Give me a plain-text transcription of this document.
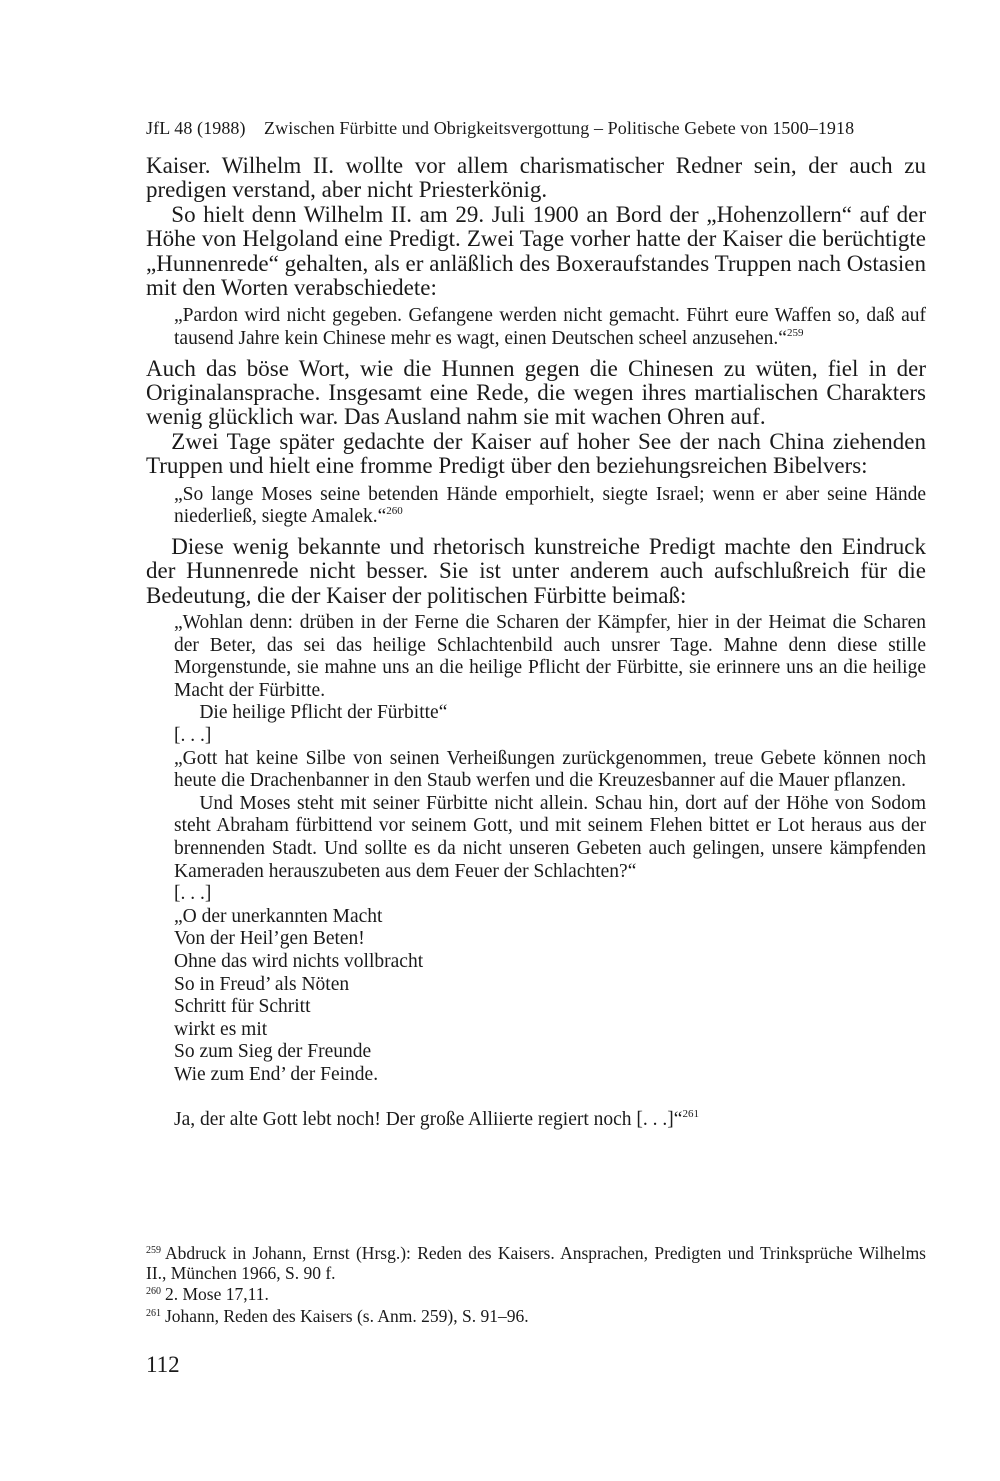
JfL 48 (1988) Zwischen Fürbitte und Obrigkeitsvergottung – Politische Gebete von 1500–1918

Kaiser. Wilhelm II. wollte vor allem charismatischer Redner sein, der auch zu predigen verstand, aber nicht Priesterkönig.

So hielt denn Wilhelm II. am 29. Juli 1900 an Bord der „Hohenzollern“ auf der Höhe von Helgoland eine Predigt. Zwei Tage vorher hatte der Kaiser die berüchtigte „Hunnenrede“ gehalten, als er anläßlich des Boxeraufstandes Truppen nach Ostasien mit den Worten verabschiedete:

„Pardon wird nicht gegeben. Gefangene werden nicht gemacht. Führt eure Waffen so, daß auf tausend Jahre kein Chinese mehr es wagt, einen Deutschen scheel anzusehen.“$^{259}$

Auch das böse Wort, wie die Hunnen gegen die Chinesen zu wüten, fiel in der Originalansprache. Insgesamt eine Rede, die wegen ihres martialischen Charakters wenig glücklich war. Das Ausland nahm sie mit wachen Ohren auf.

Zwei Tage später gedachte der Kaiser auf hoher See der nach China ziehenden Truppen und hielt eine fromme Predigt über den beziehungsreichen Bibelvers:

„So lange Moses seine betenden Hände emporhielt, siegte Israel; wenn er aber seine Hände niederließ, siegte Amalek.“$^{260}$

Diese wenig bekannte und rhetorisch kunstreiche Predigt machte den Eindruck der Hunnenrede nicht besser. Sie ist unter anderem auch aufschlußreich für die Bedeutung, die der Kaiser der politischen Fürbitte beimaß:

„Wohlan denn: drüben in der Ferne die Scharen der Kämpfer, hier in der Heimat die Scharen der Beter, das sei das heilige Schlachtenbild auch unsrer Tage. Mahne denn diese stille Morgenstunde, sie mahne uns an die heilige Pflicht der Fürbitte, sie erinnere uns an die heilige Macht der Fürbitte.

Die heilige Pflicht der Fürbitte“

[. . .]

„Gott hat keine Silbe von seinen Verheißungen zurückgenommen, treue Gebete können noch heute die Drachenbanner in den Staub werfen und die Kreuzesbanner auf die Mauer pflanzen.

Und Moses steht mit seiner Fürbitte nicht allein. Schau hin, dort auf der Höhe von Sodom steht Abraham fürbittend vor seinem Gott, und mit seinem Flehen bittet er Lot heraus aus der brennenden Stadt. Und sollte es da nicht unseren Gebeten auch gelingen, unsere kämpfenden Kameraden herauszubeten aus dem Feuer der Schlachten?“

[. . .]

„O der unerkannten Macht
Von der Heil’gen Beten!
Ohne das wird nichts vollbracht
So in Freud’ als Nöten
Schritt für Schritt
wirkt es mit
So zum Sieg der Freunde
Wie zum End’ der Feinde.

Ja, der alte Gott lebt noch! Der große Alliierte regiert noch [. . .]“$^{261}$

$^{259}$ Abdruck in Johann, Ernst (Hrsg.): Reden des Kaisers. Ansprachen, Predigten und Trinksprüche Wilhelms II., München 1966, S. 90 f.

$^{260}$ 2. Mose 17,11.

$^{261}$ Johann, Reden des Kaisers (s. Anm. 259), S. 91–96.

112
